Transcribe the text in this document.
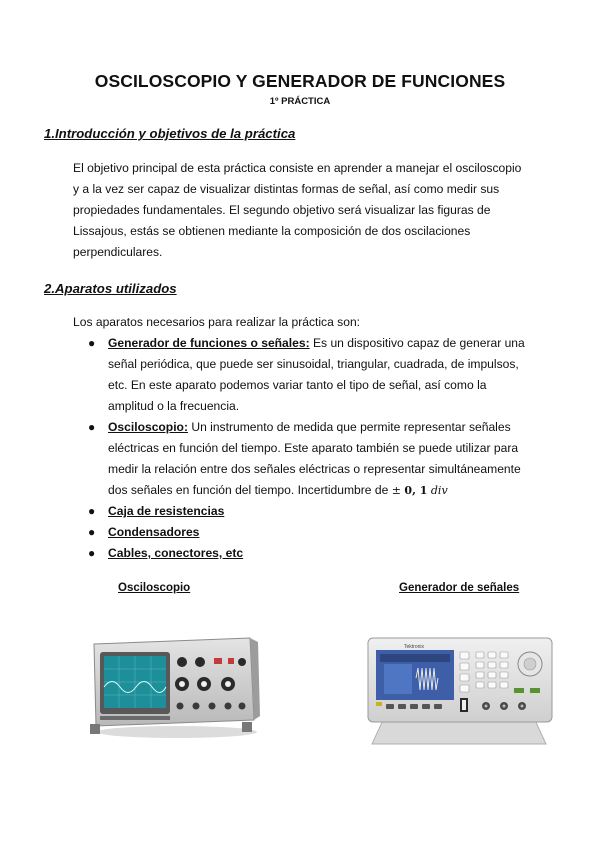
OSCILOSCOPIO Y GENERADOR DE FUNCIONES
1º PRÁCTICA
1.Introducción y objetivos de la práctica
El objetivo principal de esta práctica consiste en aprender a manejar el osciloscopio
y a la vez ser capaz de visualizar distintas formas de señal, así como medir sus
propiedades fundamentales. El segundo objetivo será visualizar las figuras de
Lissajous, estás se obtienen mediante la composición de dos oscilaciones
perpendiculares.
2.Aparatos utilizados
Los aparatos necesarios para realizar la práctica son:
● Generador de funciones o señales: Es un dispositivo capaz de generar una
señal periódica, que puede ser sinusoidal, triangular, cuadrada, de impulsos,
etc. En este aparato podemos variar tanto el tipo de señal, así como la
amplitud o la frecuencia.
● Osciloscopio: Un instrumento de medida que permite representar señales
eléctricas en función del tiempo. Este aparato también se puede utilizar para
medir la relación entre dos señales eléctricas o representar simultáneamente
dos señales en función del tiempo. Incertidumbre de ± 0, 1 div
● Caja de resistencias
● Condensadores
● Cables, conectores, etc
Osciloscopio	Generador de señales
Tektronix
